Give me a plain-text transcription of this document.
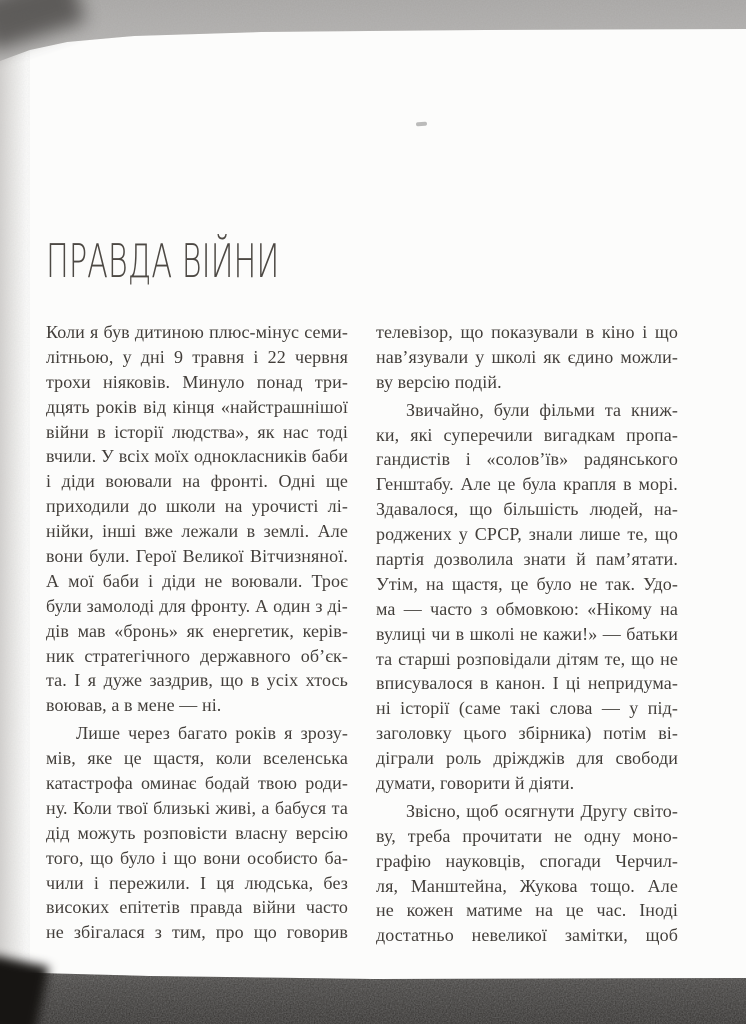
ПРАВДА ВІЙНИ
Коли я був дитиною плюс-мінус семи-
літньою, у дні 9 травня і 22 червня
трохи ніяковів. Минуло понад три-
дцять років від кінця «найстрашнішої
війни в історії людства», як нас тоді
вчили. У всіх моїх однокласників баби
і діди воювали на фронті. Одні ще
приходили до школи на урочисті лі-
нійки, інші вже лежали в землі. Але
вони були. Герої Великої Вітчизняної.
А мої баби і діди не воювали. Троє
були замолоді для фронту. А один з ді-
дів мав «бронь» як енергетик, керів-
ник стратегічного державного об’єк-
та. І я дуже заздрив, що в усіх хтось
воював, а в мене — ні.
Лише через багато років я зрозу-
мів, яке це щастя, коли вселенська
катастрофа оминає бодай твою роди-
ну. Коли твої близькі живі, а бабуся та
дід можуть розповісти власну версію
того, що було і що вони особисто ба-
чили і пережили. І ця людська, без
високих епітетів правда війни часто
не збігалася з тим, про що говорив
телевізор, що показували в кіно і що
нав’язували у школі як єдино можли-
ву версію подій.
Звичайно, були фільми та книж-
ки, які суперечили вигадкам пропа-
гандистів і «солов’їв» радянського
Генштабу. Але це була крапля в морі.
Здавалося, що більшість людей, на-
роджених у СРСР, знали лише те, що
партія дозволила знати й пам’ятати.
Утім, на щастя, це було не так. Удо-
ма — часто з обмовкою: «Нікому на
вулиці чи в школі не кажи!» — батьки
та старші розповідали дітям те, що не
вписувалося в канон. І ці непридума-
ні історії (саме такі слова — у під-
заголовку цього збірника) потім ві-
діграли роль дріжджів для свободи
думати, говорити й діяти.
Звісно, щоб осягнути Другу світо-
ву, треба прочитати не одну моно-
графію науковців, спогади Черчил-
ля, Манштейна, Жукова тощо. Але
не кожен матиме на це час. Іноді
достатньо невеликої замітки, щоб
